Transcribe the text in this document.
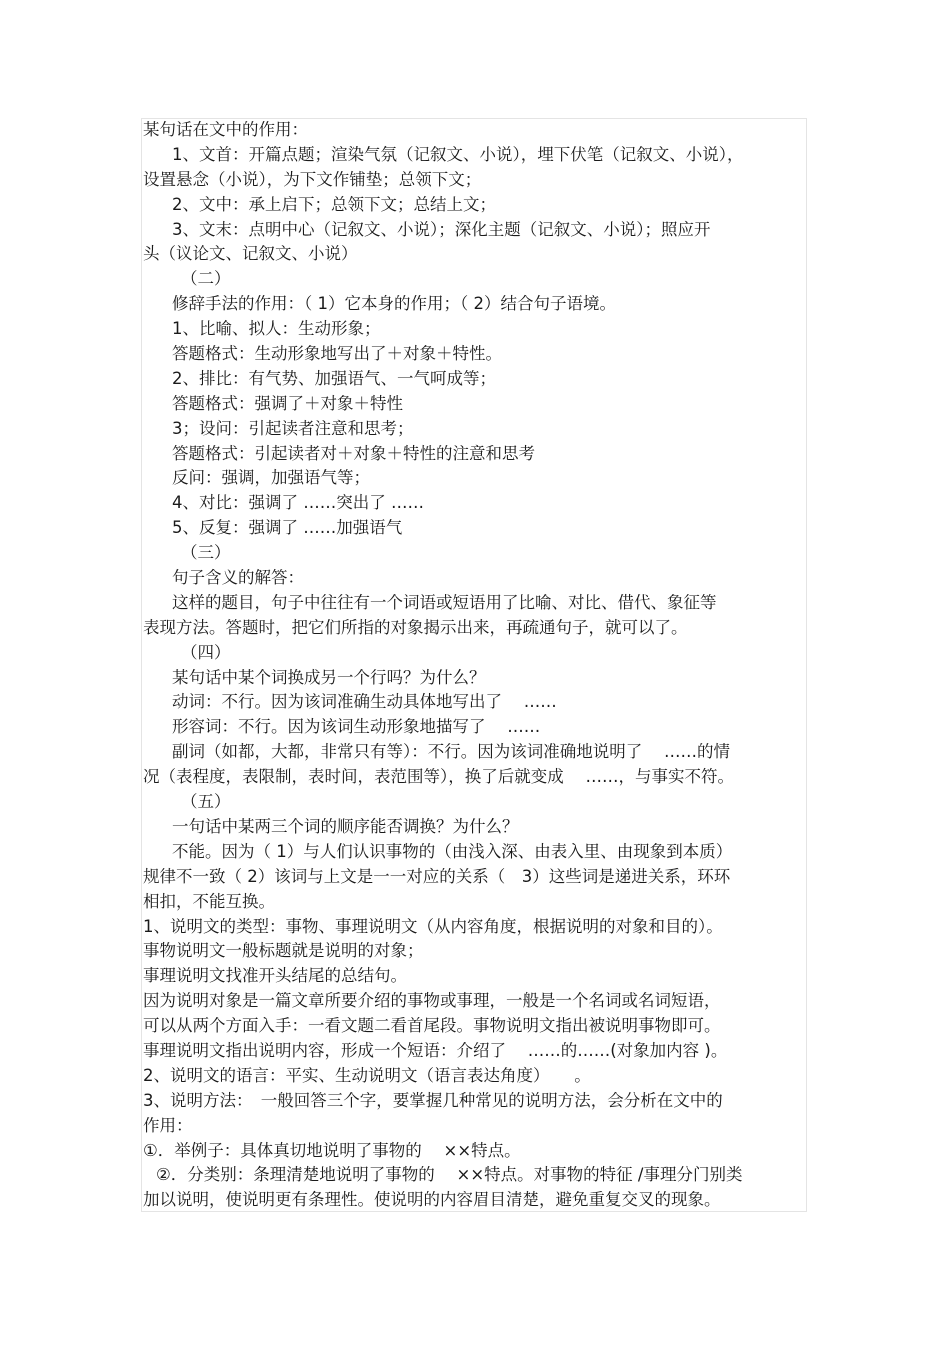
某句话在文中的作用：
1、文首：开篇点题；渲染气氛（记叙文、小说），埋下伏笔（记叙文、小说），
设置悬念（小说），为下文作铺垫；总领下文；
2、文中：承上启下；总领下文；总结上文；
3、文末：点明中心（记叙文、小说）；深化主题（记叙文、小说）；照应开
头（议论文、记叙文、小说）
（二）
修辞手法的作用：（ 1）它本身的作用；（ 2）结合句子语境。
1、比喻、拟人：生动形象；
答题格式：生动形象地写出了＋对象＋特性。
2、排比：有气势、加强语气、一气呵成等；
答题格式：强调了＋对象＋特性
3；设问：引起读者注意和思考；
答题格式：引起读者对＋对象＋特性的注意和思考
反问：强调，加强语气等；
4、对比：强调了 ……突出了 ……
5、反复：强调了 ……加强语气
（三）
句子含义的解答：
这样的题目，句子中往往有一个词语或短语用了比喻、对比、借代、象征等
表现方法。答题时，把它们所指的对象揭示出来，再疏通句子，就可以了。
（四）
某句话中某个词换成另一个行吗？为什么？
动词：不行。因为该词准确生动具体地写出了　 ……
形容词：不行。因为该词生动形象地描写了　 ……
副词（如都，大都，非常只有等）：不行。因为该词准确地说明了　 ……的情
况（表程度，表限制，表时间，表范围等），换了后就变成　 ……，与事实不符。
（五）
一句话中某两三个词的顺序能否调换？为什么？
不能。因为（ 1）与人们认识事物的（由浅入深、由表入里、由现象到本质）
规律不一致（ 2）该词与上文是一一对应的关系（　3）这些词是递进关系，环环
相扣，不能互换。
1、说明文的类型：事物、事理说明文（从内容角度，根据说明的对象和目的）。
事物说明文一般标题就是说明的对象；
事理说明文找准开头结尾的总结句。
因为说明对象是一篇文章所要介绍的事物或事理，一般是一个名词或名词短语，
可以从两个方面入手：一看文题二看首尾段。事物说明文指出被说明事物即可。
事理说明文指出说明内容，形成一个短语：介绍了　 ……的……(对象加内容 )。
2、说明文的语言：平实、生动说明文（语言表达角度）　　。
3、说明方法：　一般回答三个字，要掌握几种常见的说明方法，会分析在文中的
作用：
①．举例子：具体真切地说明了事物的　 ××特点。
②．分类别：条理清楚地说明了事物的　 ××特点。对事物的特征 /事理分门别类
加以说明，使说明更有条理性。使说明的内容眉目清楚，避免重复交叉的现象。
